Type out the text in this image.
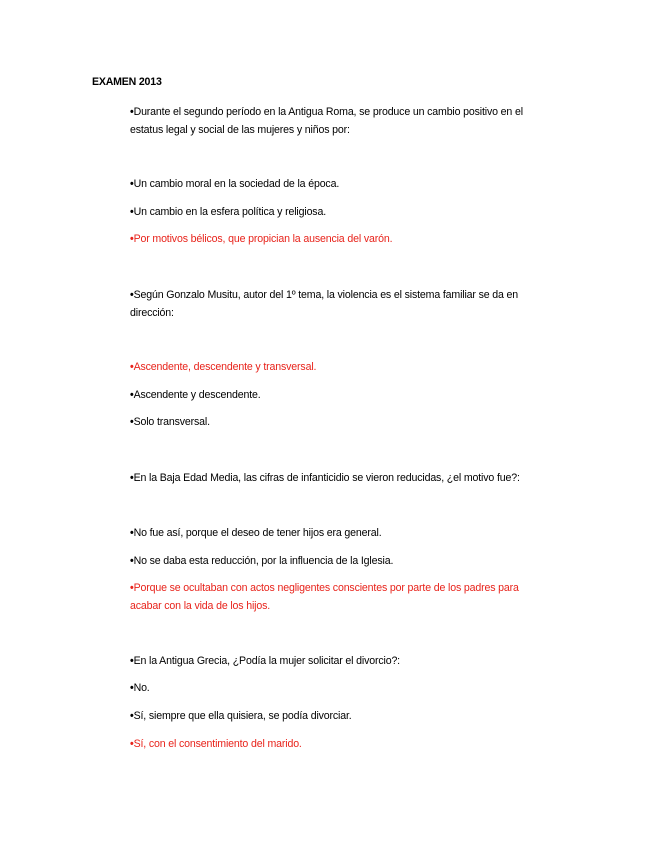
EXAMEN 2013
•Durante el segundo período en la Antigua Roma, se produce un cambio positivo en el estatus legal y social de las mujeres y niños por:
•Un cambio moral en la sociedad de la época.
•Un cambio en la esfera política y religiosa.
•Por motivos bélicos, que propician la ausencia del varón.
•Según Gonzalo Musitu, autor del 1º tema, la violencia es el sistema familiar se da en dirección:
•Ascendente, descendente y transversal.
•Ascendente y descendente.
•Solo transversal.
•En la Baja Edad Media, las cifras de infanticidio se vieron reducidas, ¿el motivo fue?:
•No fue así, porque el deseo de tener hijos era general.
•No se daba esta reducción, por la influencia de la Iglesia.
•Porque se ocultaban con actos negligentes conscientes por parte de los padres para acabar con la vida de los hijos.
•En la Antigua Grecia, ¿Podía la mujer solicitar el divorcio?:
•No.
•Sí, siempre que ella quisiera, se podía divorciar.
•Sí, con el consentimiento del marido.
